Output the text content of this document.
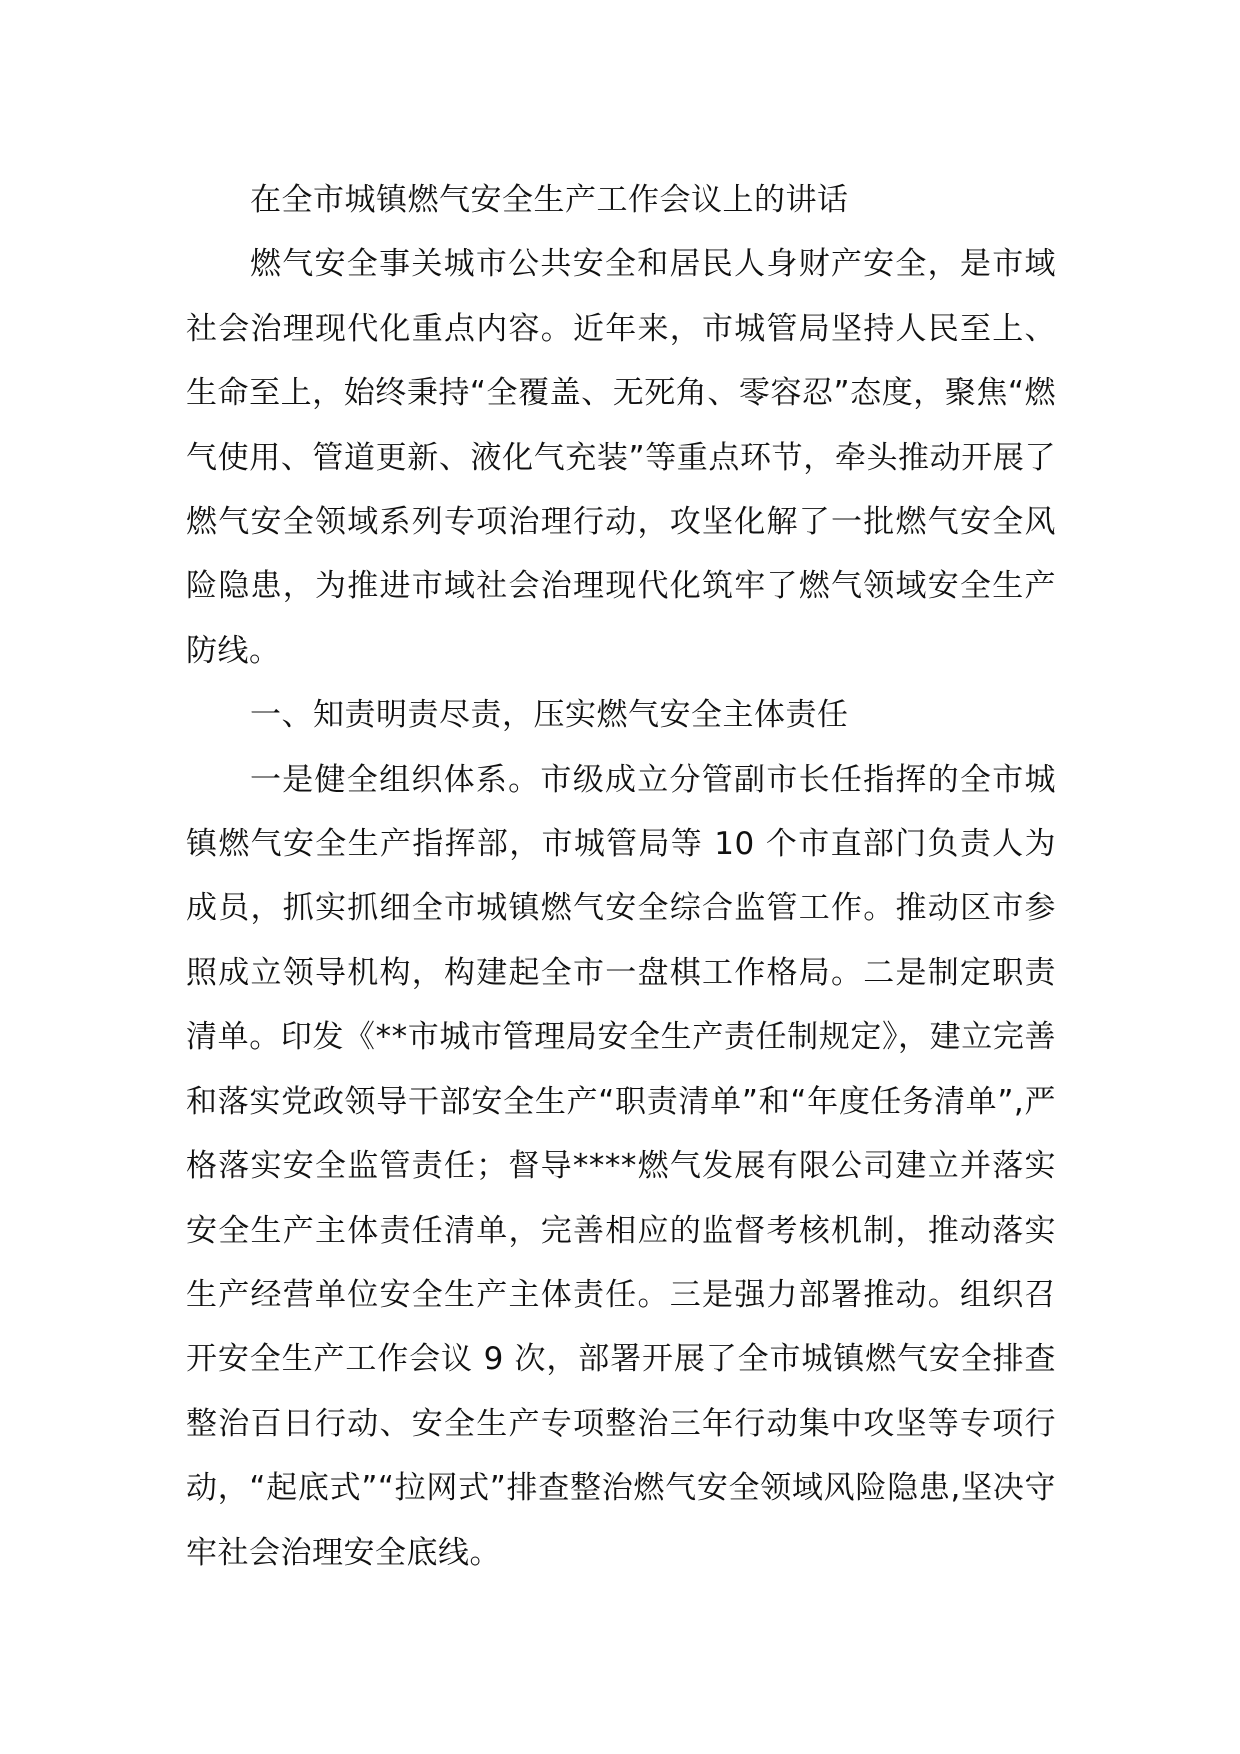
在全市城镇燃气安全生产工作会议上的讲话

燃气安全事关城市公共安全和居民人身财产安全，是市域社会治理现代化重点内容。近年来，市城管局坚持人民至上、生命至上，始终秉持“全覆盖、无死角、零容忍”态度，聚焦“燃气使用、管道更新、液化气充装”等重点环节，牵头推动开展了燃气安全领域系列专项治理行动，攻坚化解了一批燃气安全风险隐患，为推进市域社会治理现代化筑牢了燃气领域安全生产防线。

一、知责明责尽责，压实燃气安全主体责任

一是健全组织体系。市级成立分管副市长任指挥的全市城镇燃气安全生产指挥部，市城管局等 10 个市直部门负责人为成员，抓实抓细全市城镇燃气安全综合监管工作。推动区市参照成立领导机构，构建起全市一盘棋工作格局。二是制定职责清单。印发《**市城市管理局安全生产责任制规定》，建立完善和落实党政领导干部安全生产“职责清单”和“年度任务清单”,严格落实安全监管责任；督导****燃气发展有限公司建立并落实安全生产主体责任清单，完善相应的监督考核机制，推动落实生产经营单位安全生产主体责任。三是强力部署推动。组织召开安全生产工作会议 9 次，部署开展了全市城镇燃气安全排查整治百日行动、安全生产专项整治三年行动集中攻坚等专项行动，“起底式”“拉网式”排查整治燃气安全领域风险隐患,坚决守牢社会治理安全底线。
